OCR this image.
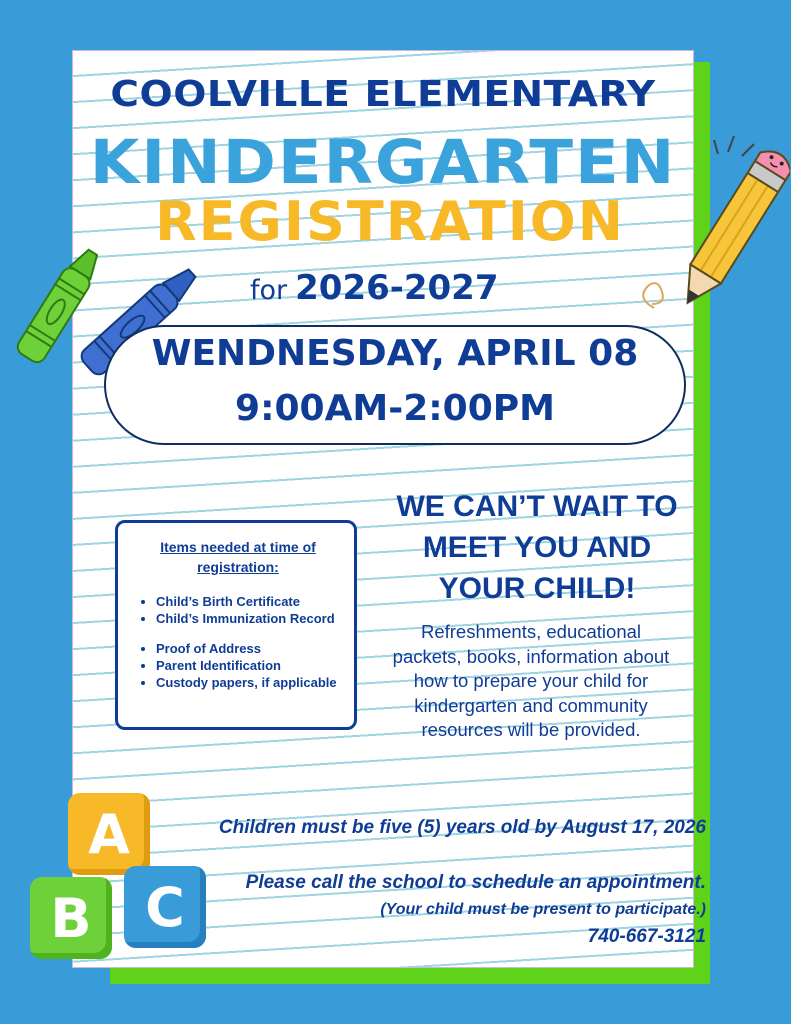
COOLVILLE ELEMENTARY
KINDERGARTEN
REGISTRATION
for 2026-2027
WENDNESDAY, APRIL 08
9:00AM-2:00PM
Items needed at time of registration:
• Child’s Birth Certificate
• Child’s Immunization Record
• Proof of Address
• Parent Identification
• Custody papers, if applicable
WE CAN’T WAIT TO MEET YOU AND YOUR CHILD!
Refreshments, educational packets, books, information about how to prepare your child for kindergarten and community resources will be provided.
Children must be five (5) years old by August 17, 2026
Please call the school to schedule an appointment.
(Your child must be present to participate.)
740-667-3121
A
B C
